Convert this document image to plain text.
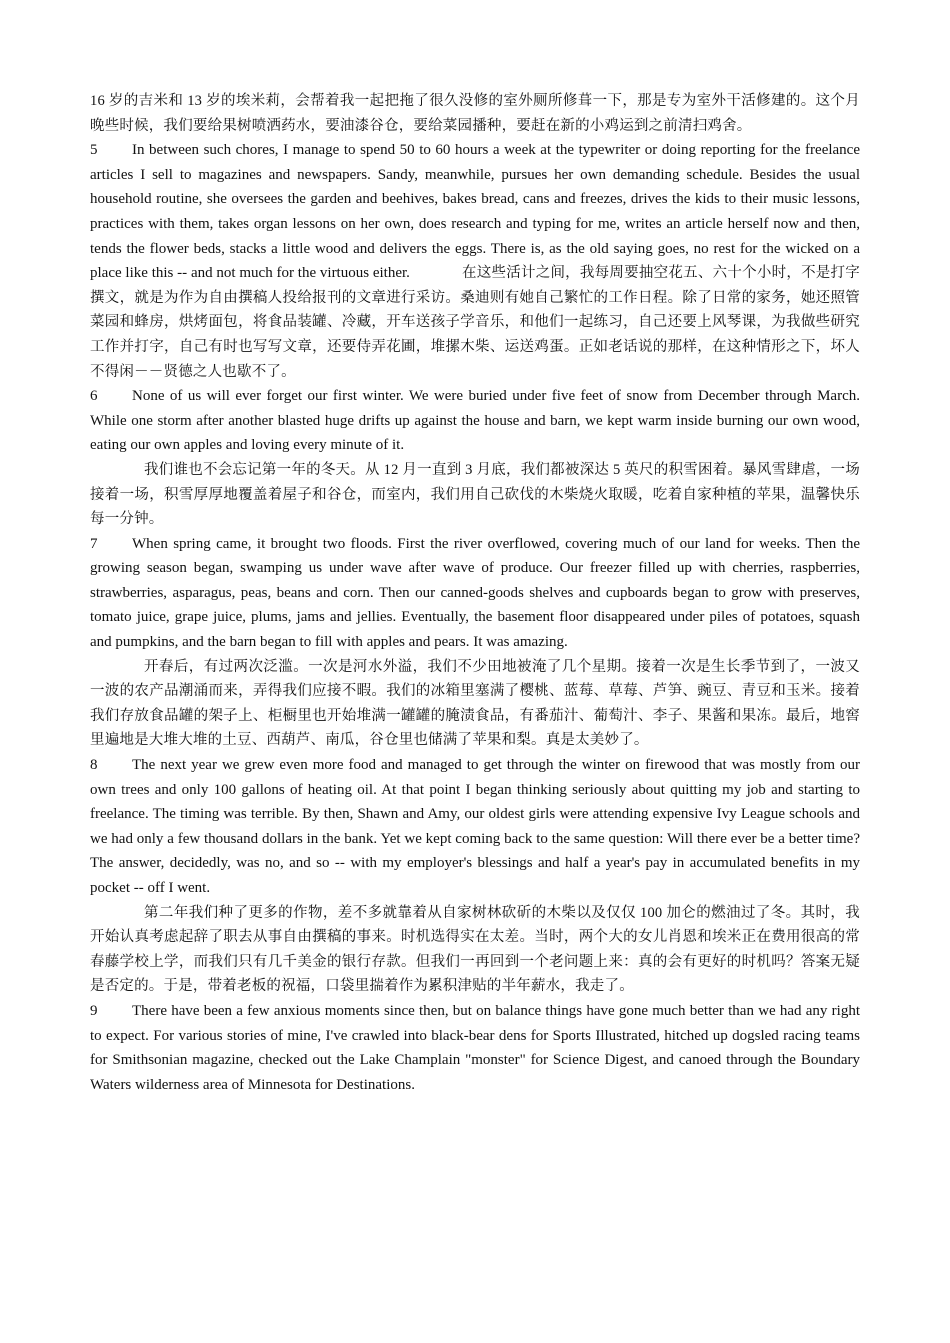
16 岁的吉米和 13 岁的埃米莉，会帮着我一起把拖了很久没修的室外厕所修葺一下，那是专为室外干活修建的。这个月晚些时候，我们要给果树喷洒药水，要油漆谷仓，要给菜园播种，要赶在新的小鸡运到之前清扫鸡舍。

5 In between such chores, I manage to spend 50 to 60 hours a week at the typewriter or doing reporting for the freelance articles I sell to magazines and newspapers. Sandy, meanwhile, pursues her own demanding schedule. Besides the usual household routine, she oversees the garden and beehives, bakes bread, cans and freezes, drives the kids to their music lessons, practices with them, takes organ lessons on her own, does research and typing for me, writes an article herself now and then, tends the flower beds, stacks a little wood and delivers the eggs. There is, as the old saying goes, no rest for the wicked on a place like this -- and not much for the virtuous either.	在这些活计之间，我每周要抽空花五、六十个小时，不是打字撰文，就是为作为自由撰稿人投给报刊的文章进行采访。桑迪则有她自己繁忙的工作日程。除了日常的家务，她还照管菜园和蜂房，烘烤面包，将食品装罐、冷藏，开车送孩子学音乐，和他们一起练习，自己还要上风琴课，为我做些研究工作并打字，自己有时也写写文章，还要侍弄花圃，堆摞木柴、运送鸡蛋。正如老话说的那样，在这种情形之下，坏人不得闲－－贤德之人也歇不了。

6 None of us will ever forget our first winter. We were buried under five feet of snow from December through March. While one storm after another blasted huge drifts up against the house and barn, we kept warm inside burning our own wood, eating our own apples and loving every minute of it.

我们谁也不会忘记第一年的冬天。从 12 月一直到 3 月底，我们都被深达 5 英尺的积雪困着。暴风雪肆虐，一场接着一场，积雪厚厚地覆盖着屋子和谷仓，而室内，我们用自己砍伐的木柴烧火取暖，吃着自家种植的苹果，温馨快乐每一分钟。

7 When spring came, it brought two floods. First the river overflowed, covering much of our land for weeks. Then the growing season began, swamping us under wave after wave of produce. Our freezer filled up with cherries, raspberries, strawberries, asparagus, peas, beans and corn. Then our canned-goods shelves and cupboards began to grow with preserves, tomato juice, grape juice, plums, jams and jellies. Eventually, the basement floor disappeared under piles of potatoes, squash and pumpkins, and the barn began to fill with apples and pears. It was amazing.

开春后，有过两次泛滥。一次是河水外溢，我们不少田地被淹了几个星期。接着一次是生长季节到了，一波又一波的农产品潮涌而来，弄得我们应接不暇。我们的冰箱里塞满了樱桃、蓝莓、草莓、芦笋、豌豆、青豆和玉米。接着我们存放食品罐的架子上、柜橱里也开始堆满一罐罐的腌渍食品，有番茄汁、葡萄汁、李子、果酱和果冻。最后，地窖里遍地是大堆大堆的土豆、西葫芦、南瓜，谷仓里也储满了苹果和梨。真是太美妙了。

8 The next year we grew even more food and managed to get through the winter on firewood that was mostly from our own trees and only 100 gallons of heating oil. At that point I began thinking seriously about quitting my job and starting to freelance. The timing was terrible. By then, Shawn and Amy, our oldest girls were attending expensive Ivy League schools and we had only a few thousand dollars in the bank. Yet we kept coming back to the same question: Will there ever be a better time? The answer, decidedly, was no, and so -- with my employer's blessings and half a year's pay in accumulated benefits in my pocket -- off I went.

第二年我们种了更多的作物，差不多就靠着从自家树林砍斫的木柴以及仅仅 100 加仑的燃油过了冬。其时，我开始认真考虑起辞了职去从事自由撰稿的事来。时机选得实在太差。当时，两个大的女儿肖恩和埃米正在费用很高的常春藤学校上学，而我们只有几千美金的银行存款。但我们一再回到一个老问题上来：真的会有更好的时机吗？答案无疑是否定的。于是，带着老板的祝福，口袋里揣着作为累积津贴的半年薪水，我走了。

9 There have been a few anxious moments since then, but on balance things have gone much better than we had any right to expect. For various stories of mine, I've crawled into black-bear dens for Sports Illustrated, hitched up dogsled racing teams for Smithsonian magazine, checked out the Lake Champlain "monster" for Science Digest, and canoed through the Boundary Waters wilderness area of Minnesota for Destinations.
